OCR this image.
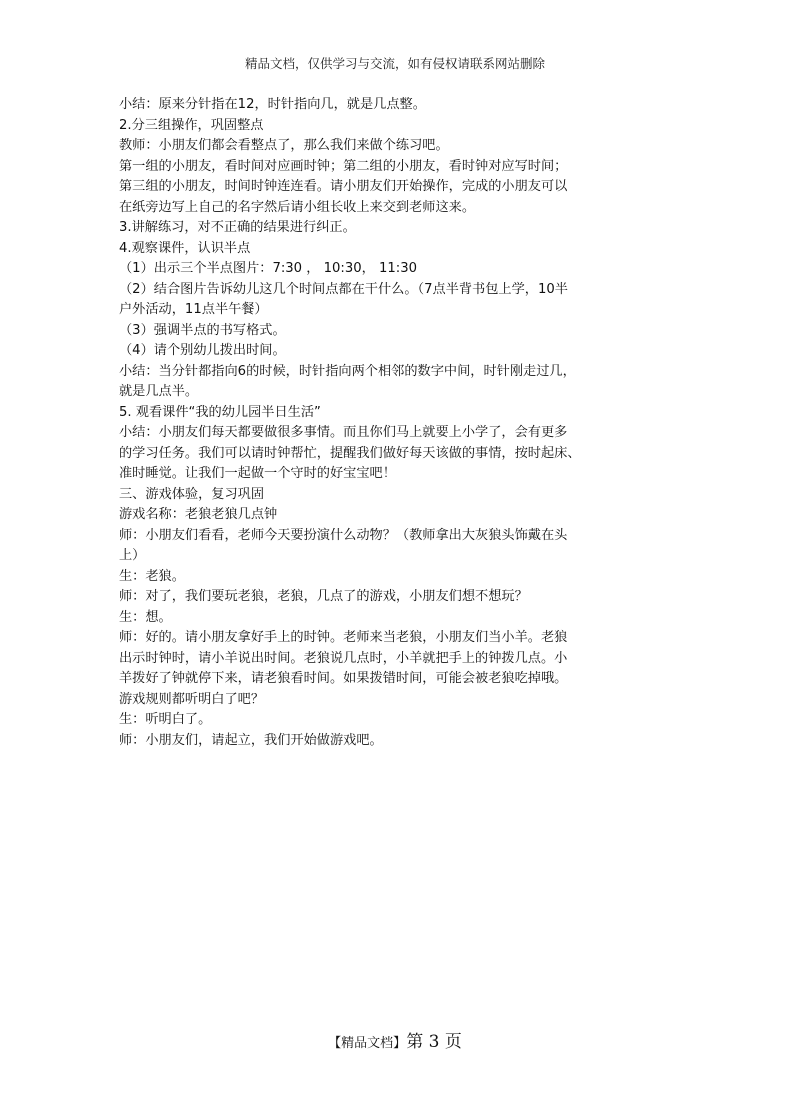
精品文档，仅供学习与交流，如有侵权请联系网站删除
小结：原来分针指在12，时针指向几，就是几点整。
2.分三组操作，巩固整点
教师：小朋友们都会看整点了，那么我们来做个练习吧。
第一组的小朋友，看时间对应画时钟；第二组的小朋友，看时钟对应写时间；
第三组的小朋友，时间时钟连连看。请小朋友们开始操作，完成的小朋友可以
在纸旁边写上自己的名字然后请小组长收上来交到老师这来。
3.讲解练习，对不正确的结果进行纠正。
4.观察课件，认识半点
（1）出示三个半点图片：7:30 ， 10:30， 11:30
（2）结合图片告诉幼儿这几个时间点都在干什么。（7点半背书包上学，10半
户外活动，11点半午餐）
（3）强调半点的书写格式。
（4）请个别幼儿拨出时间。
小结：当分针都指向6的时候，时针指向两个相邻的数字中间，时针刚走过几，
就是几点半。
5. 观看课件“我的幼儿园半日生活”
小结：小朋友们每天都要做很多事情。而且你们马上就要上小学了，会有更多
的学习任务。我们可以请时钟帮忙，提醒我们做好每天该做的事情，按时起床、
准时睡觉。让我们一起做一个守时的好宝宝吧！
三、游戏体验，复习巩固
游戏名称：老狼老狼几点钟
师：小朋友们看看，老师今天要扮演什么动物？（教师拿出大灰狼头饰戴在头
上）
生：老狼。
师：对了，我们要玩老狼，老狼，几点了的游戏，小朋友们想不想玩？
生：想。
师：好的。请小朋友拿好手上的时钟。老师来当老狼，小朋友们当小羊。老狼
出示时钟时，请小羊说出时间。老狼说几点时，小羊就把手上的钟拨几点。小
羊拨好了钟就停下来，请老狼看时间。如果拨错时间，可能会被老狼吃掉哦。
游戏规则都听明白了吧？
生：听明白了。
师：小朋友们，请起立，我们开始做游戏吧。
【精品文档】第 3 页
